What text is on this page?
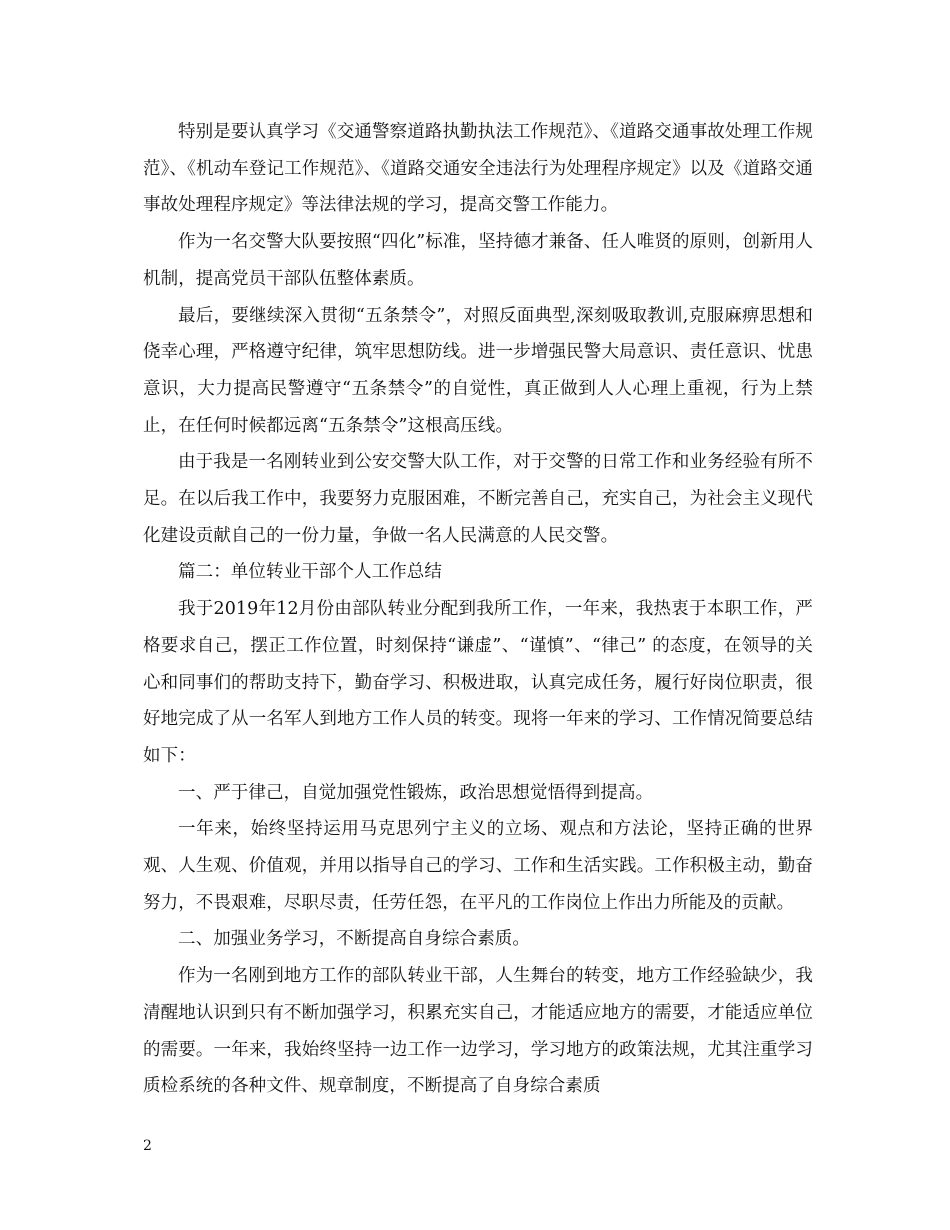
特别是要认真学习《交通警察道路执勤执法工作规范》、《道路交通事故处理工作规范》、《机动车登记工作规范》、《道路交通安全违法行为处理程序规定》以及《道路交通事故处理程序规定》等法律法规的学习，提高交警工作能力。

作为一名交警大队要按照“四化”标准，坚持德才兼备、任人唯贤的原则，创新用人机制，提高党员干部队伍整体素质。

最后，要继续深入贯彻“五条禁令”，对照反面典型,深刻吸取教训,克服麻痹思想和侥幸心理，严格遵守纪律，筑牢思想防线。进一步增强民警大局意识、责任意识、忧患意识，大力提高民警遵守“五条禁令”的自觉性，真正做到人人心理上重视，行为上禁止，在任何时候都远离“五条禁令”这根高压线。

由于我是一名刚转业到公安交警大队工作，对于交警的日常工作和业务经验有所不足。在以后我工作中，我要努力克服困难，不断完善自己，充实自己，为社会主义现代化建设贡献自己的一份力量，争做一名人民满意的人民交警。

篇二：单位转业干部个人工作总结

我于2019年12月份由部队转业分配到我所工作，一年来，我热衷于本职工作，严格要求自己，摆正工作位置，时刻保持“谦虚”、“谨慎”、“律己” 的态度，在领导的关心和同事们的帮助支持下，勤奋学习、积极进取，认真完成任务，履行好岗位职责，很好地完成了从一名军人到地方工作人员的转变。现将一年来的学习、工作情况简要总结如下：

一、严于律己，自觉加强党性锻炼，政治思想觉悟得到提高。

一年来，始终坚持运用马克思列宁主义的立场、观点和方法论，坚持正确的世界观、人生观、价值观，并用以指导自己的学习、工作和生活实践。工作积极主动，勤奋努力，不畏艰难，尽职尽责，任劳任怨，在平凡的工作岗位上作出力所能及的贡献。

二、加强业务学习，不断提高自身综合素质。

作为一名刚到地方工作的部队转业干部，人生舞台的转变，地方工作经验缺少，我清醒地认识到只有不断加强学习，积累充实自己，才能适应地方的需要，才能适应单位的需要。一年来，我始终坚持一边工作一边学习，学习地方的政策法规，尤其注重学习质检系统的各种文件、规章制度，不断提高了自身综合素质

2
